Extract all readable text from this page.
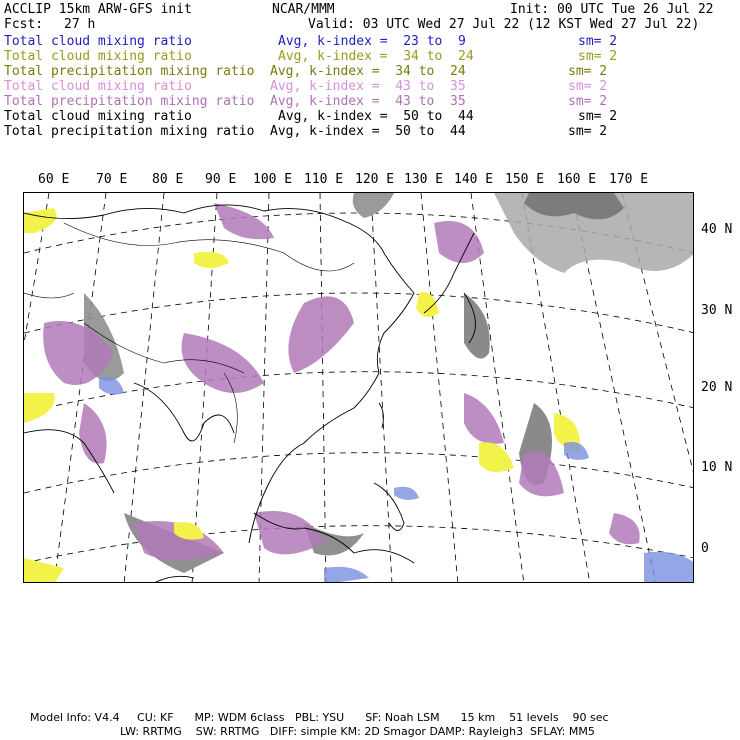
ACCLIP 15km ARW-GFS init	NCAR/MMM	Init: 00 UTC Tue 26 Jul 22
Fcst: 27 h	Valid: 03 UTC Wed 27 Jul 22 (12 KST Wed 27 Jul 22)
Total cloud mixing ratio	Avg, k-index =  23 to  9	sm= 2
Total cloud mixing ratio	Avg, k-index =  34 to  24	sm= 2
Total precipitation mixing ratio Avg, k-index =  34 to  24	sm= 2
Total cloud mixing ratio	Avg, k-index =  43 to  35	sm= 2
Total precipitation mixing ratio Avg, k-index =  43 to  35	sm= 2
Total cloud mixing ratio	Avg, k-index =  50 to  44	sm= 2
Total precipitation mixing ratio Avg, k-index =  50 to  44	sm= 2
60 E 70 E 80 E 90 E 100 E 110 E 120 E 130 E 140 E 150 E 160 E 170 E
40 N
30 N
20 N
10 N
0
Model Info: V4.4     CU: KF      MP: WDM 6class   PBL: YSU      SF: Noah LSM      15 km    51 levels    90 sec
LW: RRTMG    SW: RRTMG   DIFF: simple KM: 2D Smagor DAMP: Rayleigh3  SFLAY: MM5
